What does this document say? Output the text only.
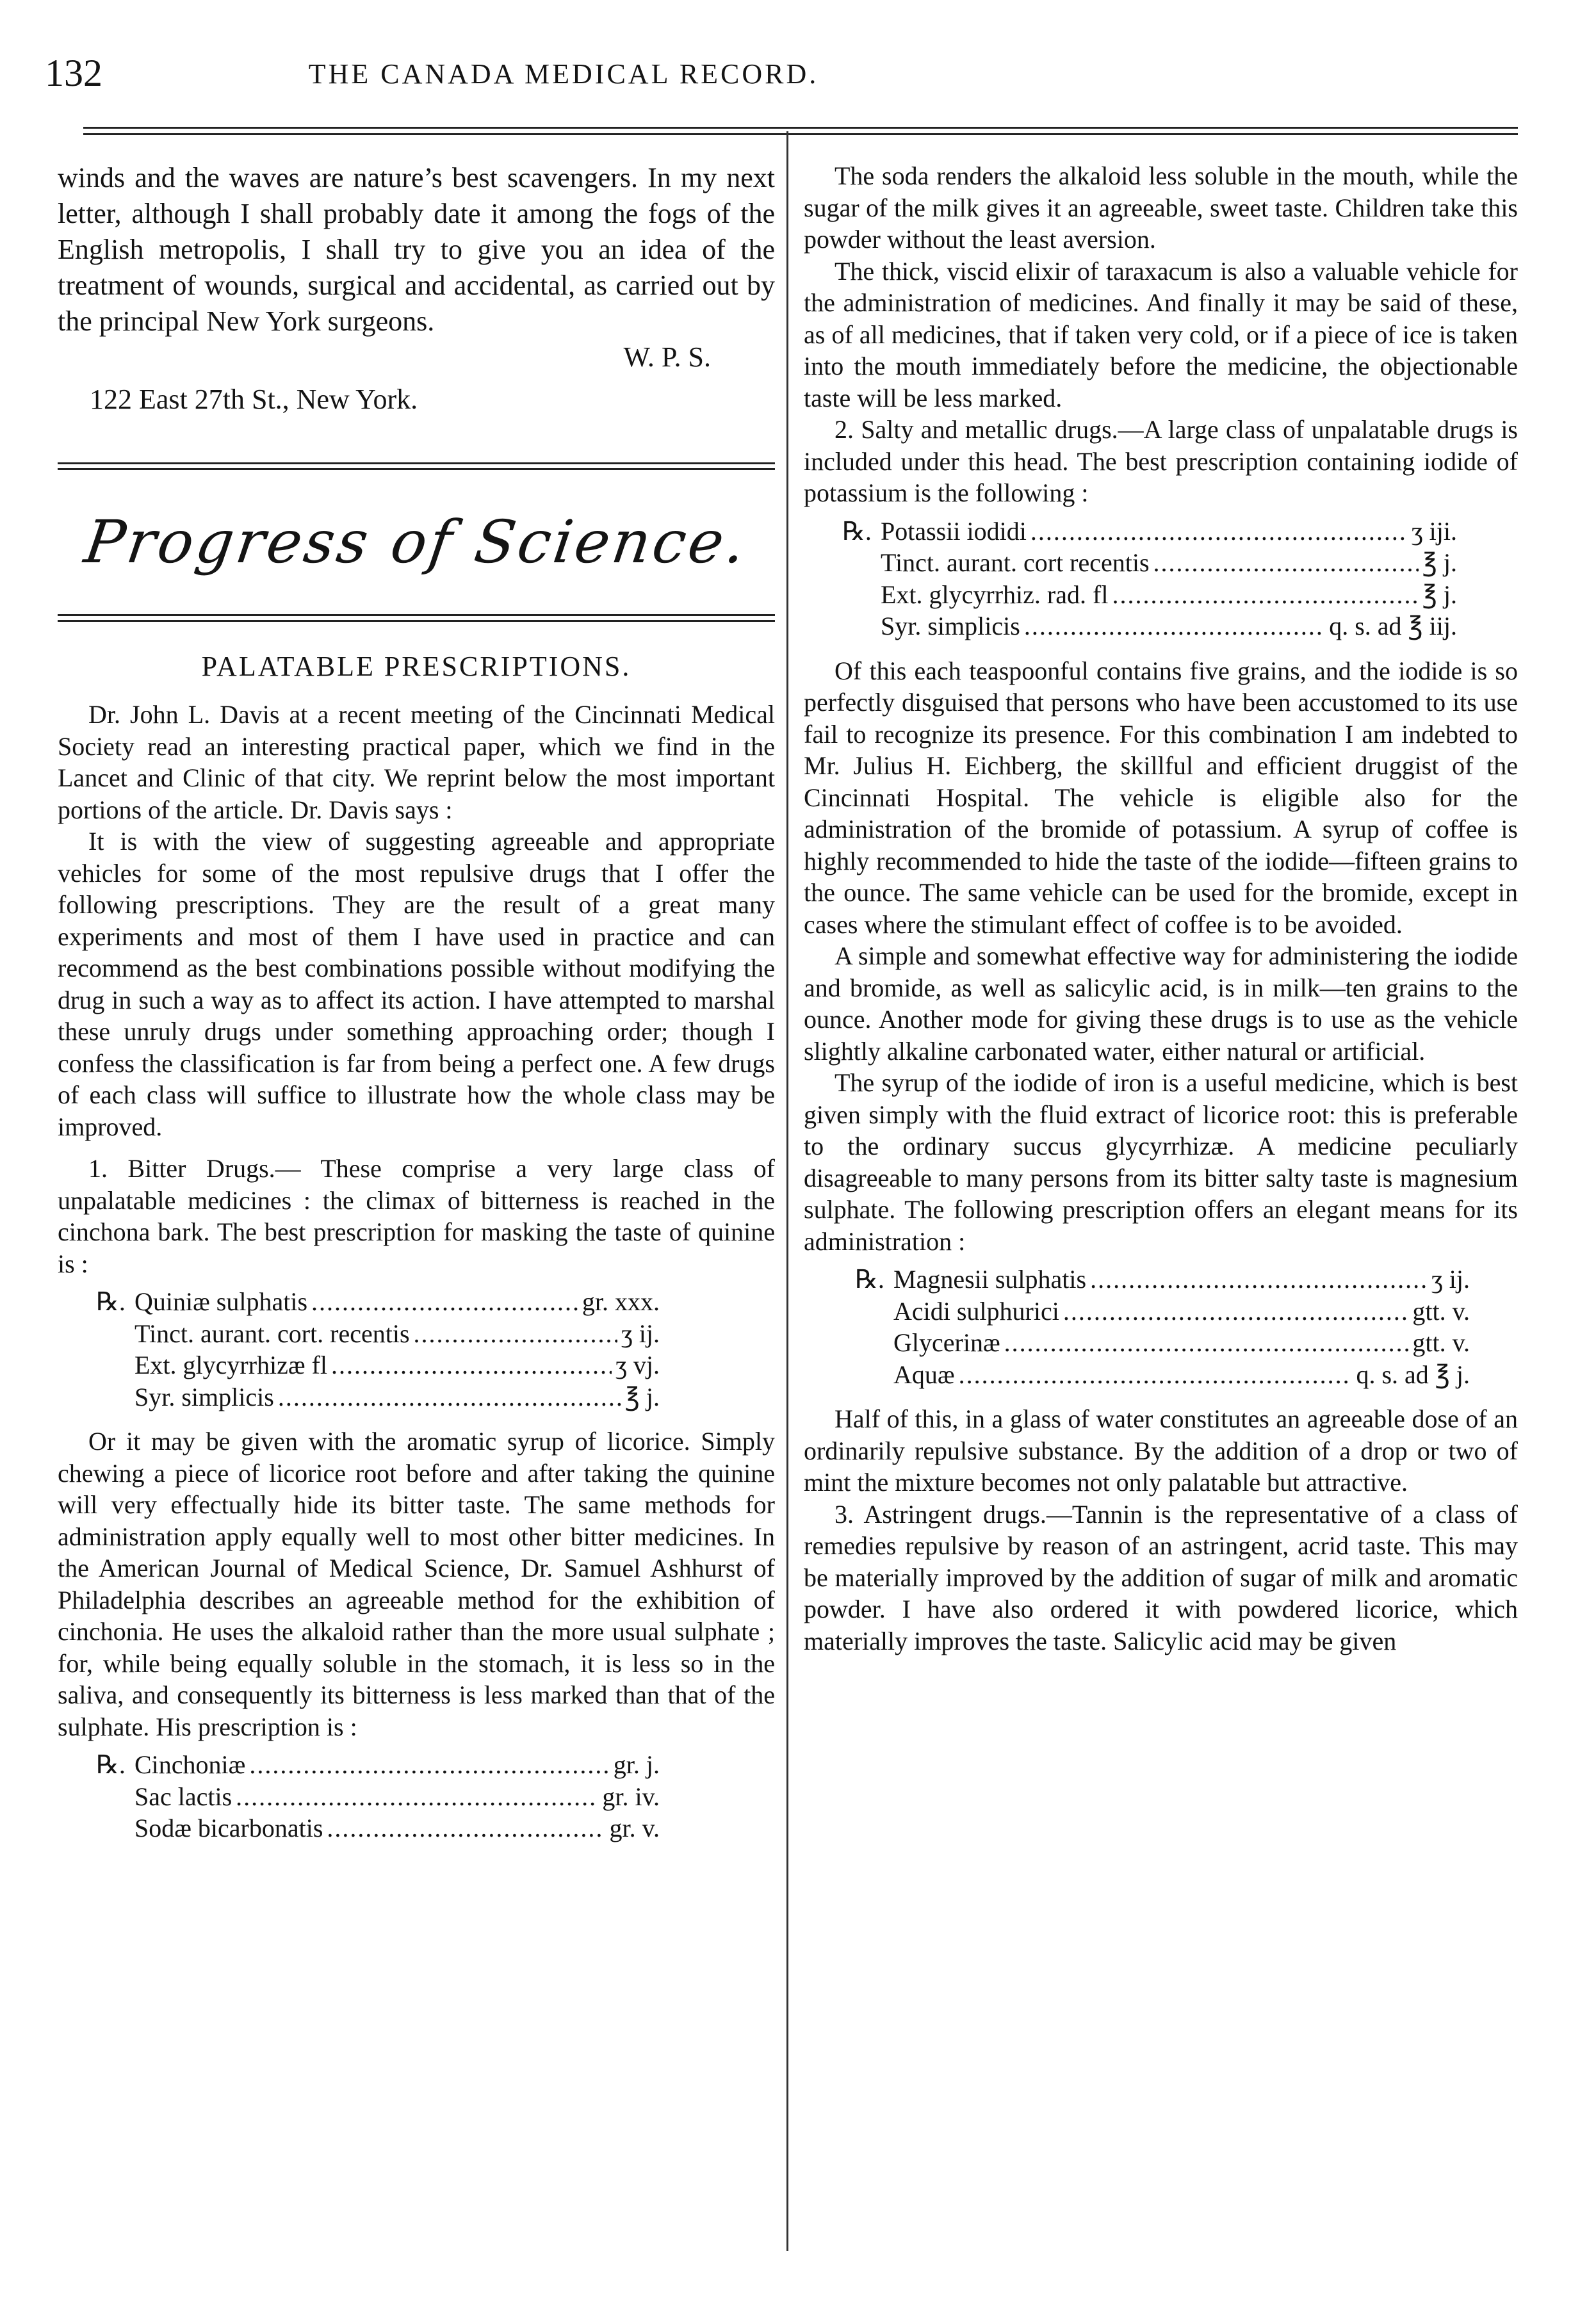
132	THE CANADA MEDICAL RECORD.

winds and the waves are nature’s best scavengers. In my next letter, although I shall probably date it among the fogs of the English metropolis, I shall try to give you an idea of the treatment of wounds, surgical and accidental, as carried out by the principal New York surgeons.

W. P. S.
122 East 27th St., New York.
Progress of Science.
PALATABLE PRESCRIPTIONS.

Dr. John L. Davis at a recent meeting of the Cincinnati Medical Society read an interesting practical paper, which we find in the Lancet and Clinic of that city. We reprint below the most important portions of the article. Dr. Davis says :

It is with the view of suggesting agreeable and appropriate vehicles for some of the most repulsive drugs that I offer the following prescriptions. They are the result of a great many experiments and most of them I have used in practice and can recommend as the best combinations possible without modifying the drug in such a way as to affect its action. I have attempted to marshal these unruly drugs under something approaching order; though I confess the classification is far from being a perfect one. A few drugs of each class will suffice to illustrate how the whole class may be improved.

1. Bitter Drugs.— These comprise a very large class of unpalatable medicines : the climax of bitterness is reached in the cinchona bark. The best prescription for masking the taste of quinine is :

℞. Quiniæ sulphatis .....	gr. xxx.
Tinct. aurant. cort. recentis .....	ʒ ij.
Ext. glycyrrhizæ fl .....	ʒ vj.
Syr. simplicis .....	℥ j.

Or it may be given with the aromatic syrup of licorice. Simply chewing a piece of licorice root before and after taking the quinine will very effectually hide its bitter taste. The same methods for administration apply equally well to most other bitter medicines. In the American Journal of Medical Science, Dr. Samuel Ashhurst of Philadelphia describes an agreeable method for the exhibition of cinchonia. He uses the alkaloid rather than the more usual sulphate ; for, while being equally soluble in the stomach, it is less so in the saliva, and consequently its bitterness is less marked than that of the sulphate. His prescription is :

℞. Cinchoniæ .....	gr. j.
Sac lactis .....	gr. iv.
Sodæ bicarbonatis .....	gr. v.

The soda renders the alkaloid less soluble in the mouth, while the sugar of the milk gives it an agreeable, sweet taste. Children take this powder without the least aversion.

The thick, viscid elixir of taraxacum is also a valuable vehicle for the administration of medicines. And finally it may be said of these, as of all medicines, that if taken very cold, or if a piece of ice is taken into the mouth immediately before the medicine, the objectionable taste will be less marked.

2. Salty and metallic drugs.—A large class of unpalatable drugs is included under this head. The best prescription containing iodide of potassium is the following :

℞. Potassii iodidi .....	ʒ iji.
Tinct. aurant. cort recentis .....	℥ j.
Ext. glycyrrhiz. rad. fl .....	℥ j.
Syr. simplicis .....	q. s. ad ℥ iij.

Of this each teaspoonful contains five grains, and the iodide is so perfectly disguised that persons who have been accustomed to its use fail to recognize its presence. For this combination I am indebted to Mr. Julius H. Eichberg, the skillful and efficient druggist of the Cincinnati Hospital. The vehicle is eligible also for the administration of the bromide of potassium. A syrup of coffee is highly recommended to hide the taste of the iodide—fifteen grains to the ounce. The same vehicle can be used for the bromide, except in cases where the stimulant effect of coffee is to be avoided.

A simple and somewhat effective way for administering the iodide and bromide, as well as salicylic acid, is in milk—ten grains to the ounce. Another mode for giving these drugs is to use as the vehicle slightly alkaline carbonated water, either natural or artificial.

The syrup of the iodide of iron is a useful medicine, which is best given simply with the fluid extract of licorice root: this is preferable to the ordinary succus glycyrrhizæ. A medicine peculiarly disagreeable to many persons from its bitter salty taste is magnesium sulphate. The following prescription offers an elegant means for its administration :

℞. Magnesii sulphatis .....	ʒ ij.
Acidi sulphurici .....	gtt. v.
Glycerinæ .....	gtt. v.
Aquæ .....	q. s. ad ℥ j.

Half of this, in a glass of water constitutes an agreeable dose of an ordinarily repulsive substance. By the addition of a drop or two of mint the mixture becomes not only palatable but attractive.

3. Astringent drugs.—Tannin is the representative of a class of remedies repulsive by reason of an astringent, acrid taste. This may be materially improved by the addition of sugar of milk and aromatic powder. I have also ordered it with powdered licorice, which materially improves the taste. Salicylic acid may be given
